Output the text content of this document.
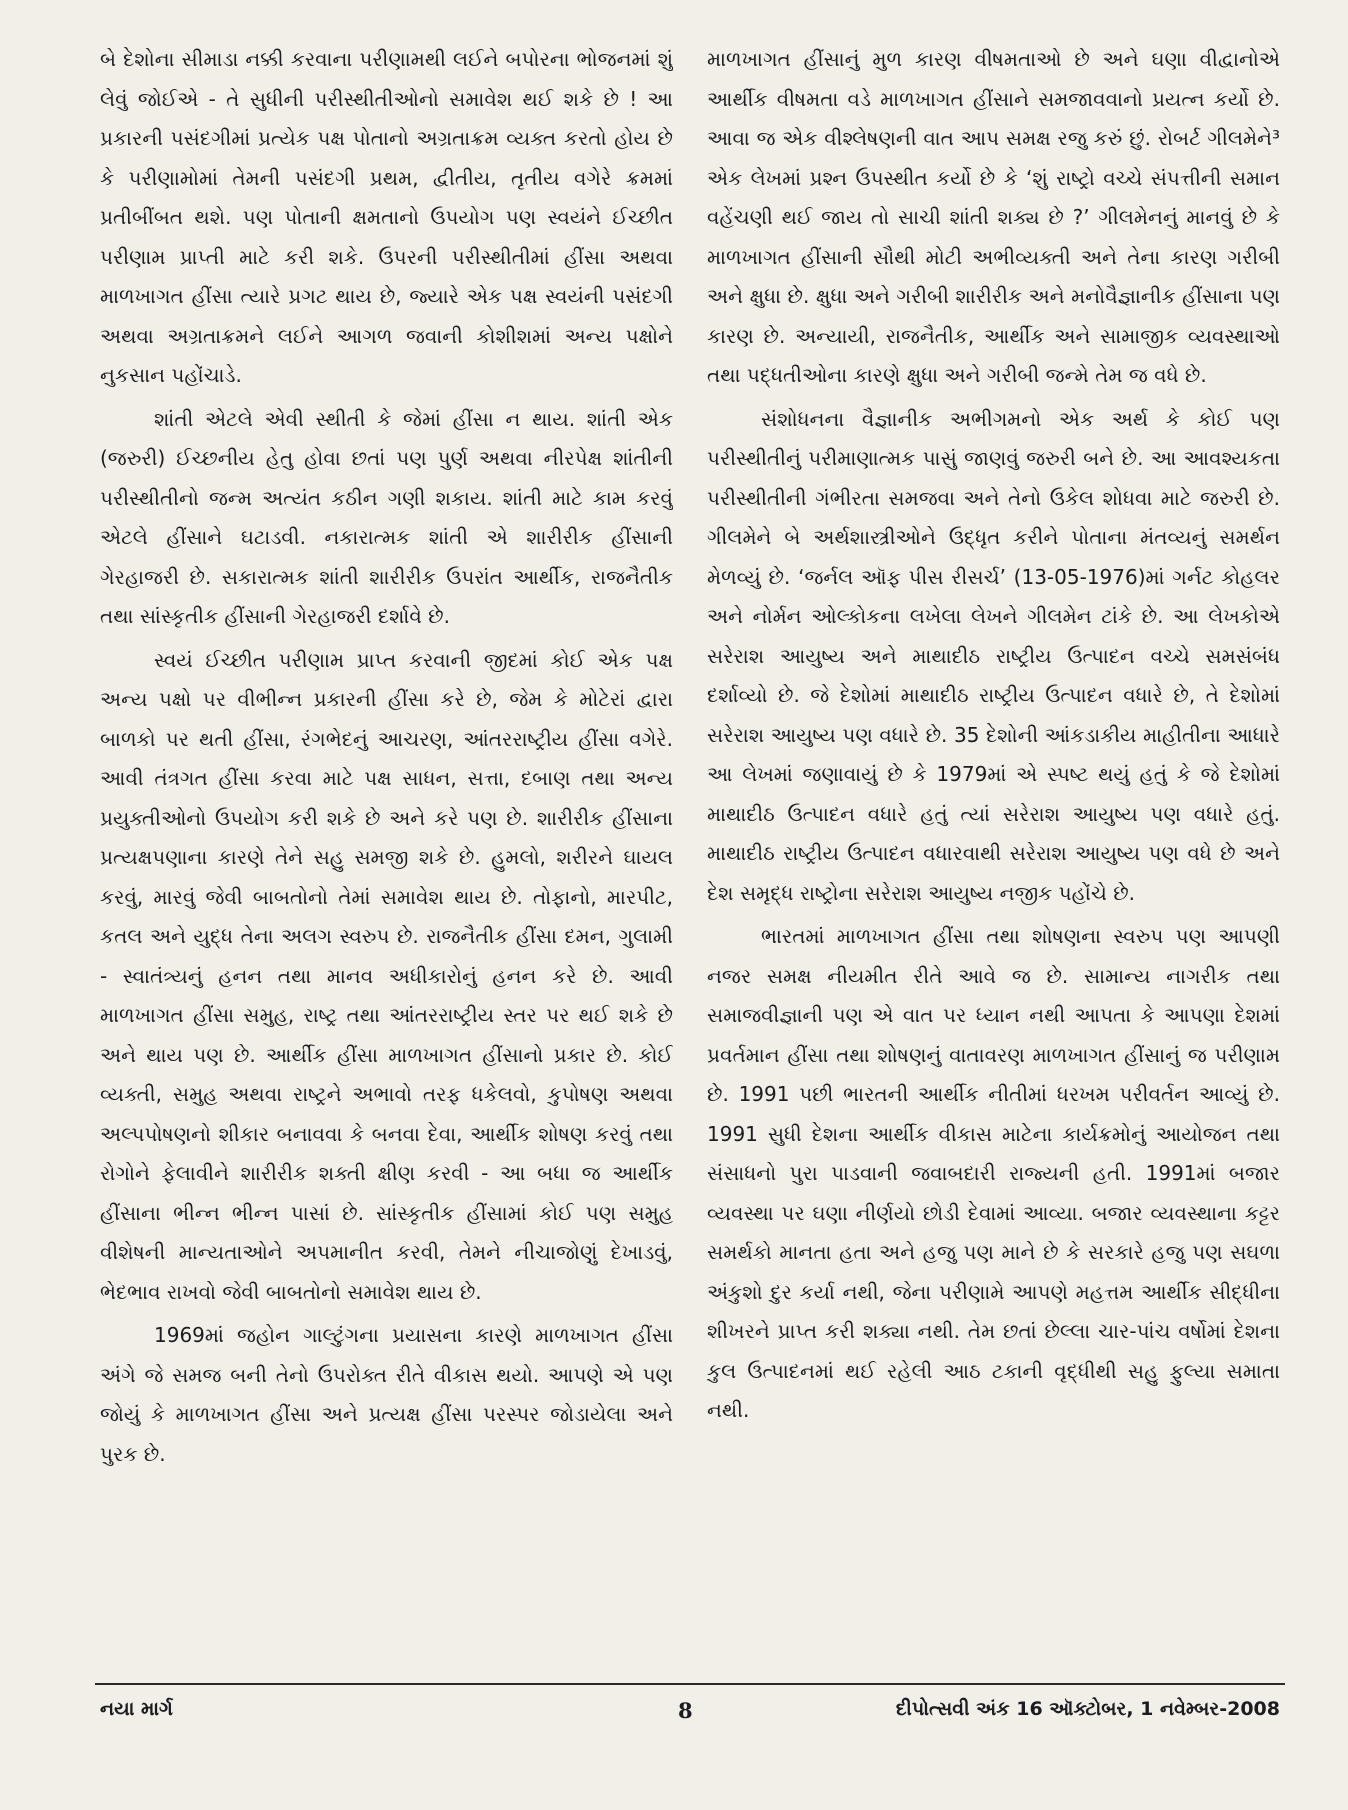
બે દેશોના સીમાડા નક્કી કરવાના પરીણામથી લઈને બપોરના ભોજનમાં શું લેવું જોઈએ - તે સુધીની પરીસ્થીતીઓનો સમાવેશ થઈ શકે છે ! આ પ્રકારની પસંદગીમાં પ્રત્યેક પક્ષ પોતાનો અગ્રતાક્રમ વ્યક્ત કરતો હોય છે કે પરીણામોમાં તેમની પસંદગી પ્રથમ, દ્વીતીય, તૃતીય વગેરે ક્રમમાં પ્રતીબીંબત થશે. પણ પોતાની ક્ષમતાનો ઉપયોગ પણ સ્વયંને ઈચ્છીત પરીણામ પ્રાપ્તી માટે કરી શકે. ઉપરની પરીસ્થીતીમાં હીંસા અથવા માળખાગત હીંસા ત્યારે પ્રગટ થાય છે, જ્યારે એક પક્ષ સ્વયંની પસંદગી અથવા અગ્રતાક્રમને લઈને આગળ જવાની કોશીશમાં અન્ય પક્ષોને નુકસાન પહોંચાડે.

શાંતી એટલે એવી સ્થીતી કે જેમાં હીંસા ન થાય. શાંતી એક (જરુરી) ઈચ્છનીય હેતુ હોવા છતાં પણ પુર્ણ અથવા નીરપેક્ષ શાંતીની પરીસ્થીતીનો જન્મ અત્યંત કઠીન ગણી શકાય. શાંતી માટે કામ કરવું એટલે હીંસાને ઘટાડવી. નકારાત્મક શાંતી એ શારીરીક હીંસાની ગેરહાજરી છે. સકારાત્મક શાંતી શારીરીક ઉપરાંત આર્થીક, રાજનૈતીક તથા સાંસ્કૃતીક હીંસાની ગેરહાજરી દર્શાવે છે.

સ્વયં ઈચ્છીત પરીણામ પ્રાપ્ત કરવાની જીદમાં કોઈ એક પક્ષ અન્ય પક્ષો પર વીભીન્ન પ્રકારની હીંસા કરે છે, જેમ કે મોટેરાં દ્વારા બાળકો પર થતી હીંસા, રંગભેદનું આચરણ, આંતરરાષ્ટ્રીય હીંસા વગેરે. આવી તંત્રગત હીંસા કરવા માટે પક્ષ સાધન, સત્તા, દબાણ તથા અન્ય પ્રયુક્તીઓનો ઉપયોગ કરી શકે છે અને કરે પણ છે. શારીરીક હીંસાના પ્રત્યક્ષપણાના કારણે તેને સહુ સમજી શકે છે. હુમલો, શરીરને ઘાયલ કરવું, મારવું જેવી બાબતોનો તેમાં સમાવેશ થાય છે. તોફાનો, મારપીટ, કતલ અને યુદ્ધ તેના અલગ સ્વરુપ છે. રાજનૈતીક હીંસા દમન, ગુલામી - સ્વાતંત્ર્યનું હનન તથા માનવ અધીકારોનું હનન કરે છે. આવી માળખાગત હીંસા સમુહ, રાષ્ટ્ર તથા આંતરરાષ્ટ્રીય સ્તર પર થઈ શકે છે અને થાય પણ છે. આર્થીક હીંસા માળખાગત હીંસાનો પ્રકાર છે. કોઈ વ્યક્તી, સમુહ અથવા રાષ્ટ્રને અભાવો તરફ ધકેલવો, કુપોષણ અથવા અલ્પપોષણનો શીકાર બનાવવા કે બનવા દેવા, આર્થીક શોષણ કરવું તથા રોગોને ફેલાવીને શારીરીક શક્તી ક્ષીણ કરવી - આ બધા જ આર્થીક હીંસાના ભીન્ન ભીન્ન પાસાં છે. સાંસ્કૃતીક હીંસામાં કોઈ પણ સમુહ વીશેષની માન્યતાઓને અપમાનીત કરવી, તેમને નીચાજોણું દેખાડવું, ભેદભાવ રાખવો જેવી બાબતોનો સમાવેશ થાય છે.

1969માં જહોન ગાલ્ટુંગના પ્રયાસના કારણે માળખાગત હીંસા અંગે જે સમજ બની તેનો ઉપરોક્ત રીતે વીકાસ થયો. આપણે એ પણ જોયું કે માળખાગત હીંસા અને પ્રત્યક્ષ હીંસા પરસ્પર જોડાયેલા અને પુરક છે.

માળખાગત હીંસાનું મુળ કારણ વીષમતાઓ છે અને ઘણા વીદ્વાનોએ આર્થીક વીષમતા વડે માળખાગત હીંસાને સમજાવવાનો પ્રયત્ન કર્યો છે. આવા જ એક વીશ્લેષણની વાત આપ સમક્ષ રજુ કરું છું. રોબર્ટ ગીલમેને³ એક લેખમાં પ્રશ્ન ઉપસ્થીત કર્યો છે કે ‘શું રાષ્ટ્રો વચ્ચે સંપત્તીની સમાન વહેંચણી થઈ જાય તો સાચી શાંતી શક્ય છે ?’ ગીલમેનનું માનવું છે કે માળખાગત હીંસાની સૌથી મોટી અભીવ્યક્તી અને તેના કારણ ગરીબી અને ક્ષુધા છે. ક્ષુધા અને ગરીબી શારીરીક અને મનોવૈજ્ઞાનીક હીંસાના પણ કારણ છે. અન્યાયી, રાજનૈતીક, આર્થીક અને સામાજીક વ્યવસ્થાઓ તથા પદ્ધતીઓના કારણે ક્ષુધા અને ગરીબી જન્મે તેમ જ વધે છે.

સંશોધનના વૈજ્ઞાનીક અભીગમનો એક અર્થ કે કોઈ પણ પરીસ્થીતીનું પરીમાણાત્મક પાસું જાણવું જરુરી બને છે. આ આવશ્યકતા પરીસ્થીતીની ગંભીરતા સમજવા અને તેનો ઉકેલ શોધવા માટે જરુરી છે. ગીલમેને બે અર્થશાસ્ત્રીઓને ઉદ્ધૃત કરીને પોતાના મંતવ્યનું સમર્થન મેળવ્યું છે. ‘જર્નલ ઑફ પીસ રીસર્ચ’ (13-05-1976)માં ગર્નટ કોહલર અને નોર્મન ઓલ્કોકના લખેલા લેખને ગીલમેન ટાંકે છે. આ લેખકોએ સરેરાશ આયુષ્ય અને માથાદીઠ રાષ્ટ્રીય ઉત્પાદન વચ્ચે સમસંબંધ દર્શાવ્યો છે. જે દેશોમાં માથાદીઠ રાષ્ટ્રીય ઉત્પાદન વધારે છે, તે દેશોમાં સરેરાશ આયુષ્ય પણ વધારે છે. 35 દેશોની આંકડાકીય માહીતીના આધારે આ લેખમાં જણાવાયું છે કે 1979માં એ સ્પષ્ટ થયું હતું કે જે દેશોમાં માથાદીઠ ઉત્પાદન વધારે હતું ત્યાં સરેરાશ આયુષ્ય પણ વધારે હતું. માથાદીઠ રાષ્ટ્રીય ઉત્પાદન વધારવાથી સરેરાશ આયુષ્ય પણ વધે છે અને દેશ સમૃદ્ધ રાષ્ટ્રોના સરેરાશ આયુષ્ય નજીક પહોંચે છે.

ભારતમાં માળખાગત હીંસા તથા શોષણના સ્વરુપ પણ આપણી નજર સમક્ષ નીયમીત રીતે આવે જ છે. સામાન્ય નાગરીક તથા સમાજવીજ્ઞાની પણ એ વાત પર ધ્યાન નથી આપતા કે આપણા દેશમાં પ્રવર્તમાન હીંસા તથા શોષણનું વાતાવરણ માળખાગત હીંસાનું જ પરીણામ છે. 1991 પછી ભારતની આર્થીક નીતીમાં ધરખમ પરીવર્તન આવ્યું છે. 1991 સુધી દેશના આર્થીક વીકાસ માટેના કાર્યક્રમોનું આયોજન તથા સંસાધનો પુરા પાડવાની જવાબદારી રાજ્યની હતી. 1991માં બજાર વ્યવસ્થા પર ઘણા નીર્ણયો છોડી દેવામાં આવ્યા. બજાર વ્યવસ્થાના કટ્ટર સમર્થકો માનતા હતા અને હજુ પણ માને છે કે સરકારે હજુ પણ સઘળા અંકુશો દુર કર્યા નથી, જેના પરીણામે આપણે મહત્તમ આર્થીક સીદ્ધીના શીખરને પ્રાપ્ત કરી શક્યા નથી. તેમ છતાં છેલ્લા ચાર-પાંચ વર્ષોમાં દેશના કુલ ઉત્પાદનમાં થઈ રહેલી આઠ ટકાની વૃદ્ધીથી સહુ ફુલ્યા સમાતા નથી.

નયા માર્ગ	8	દીપોત્સવી અંક 16 ઑક્ટોબર, 1 નવેમ્બર-2008
